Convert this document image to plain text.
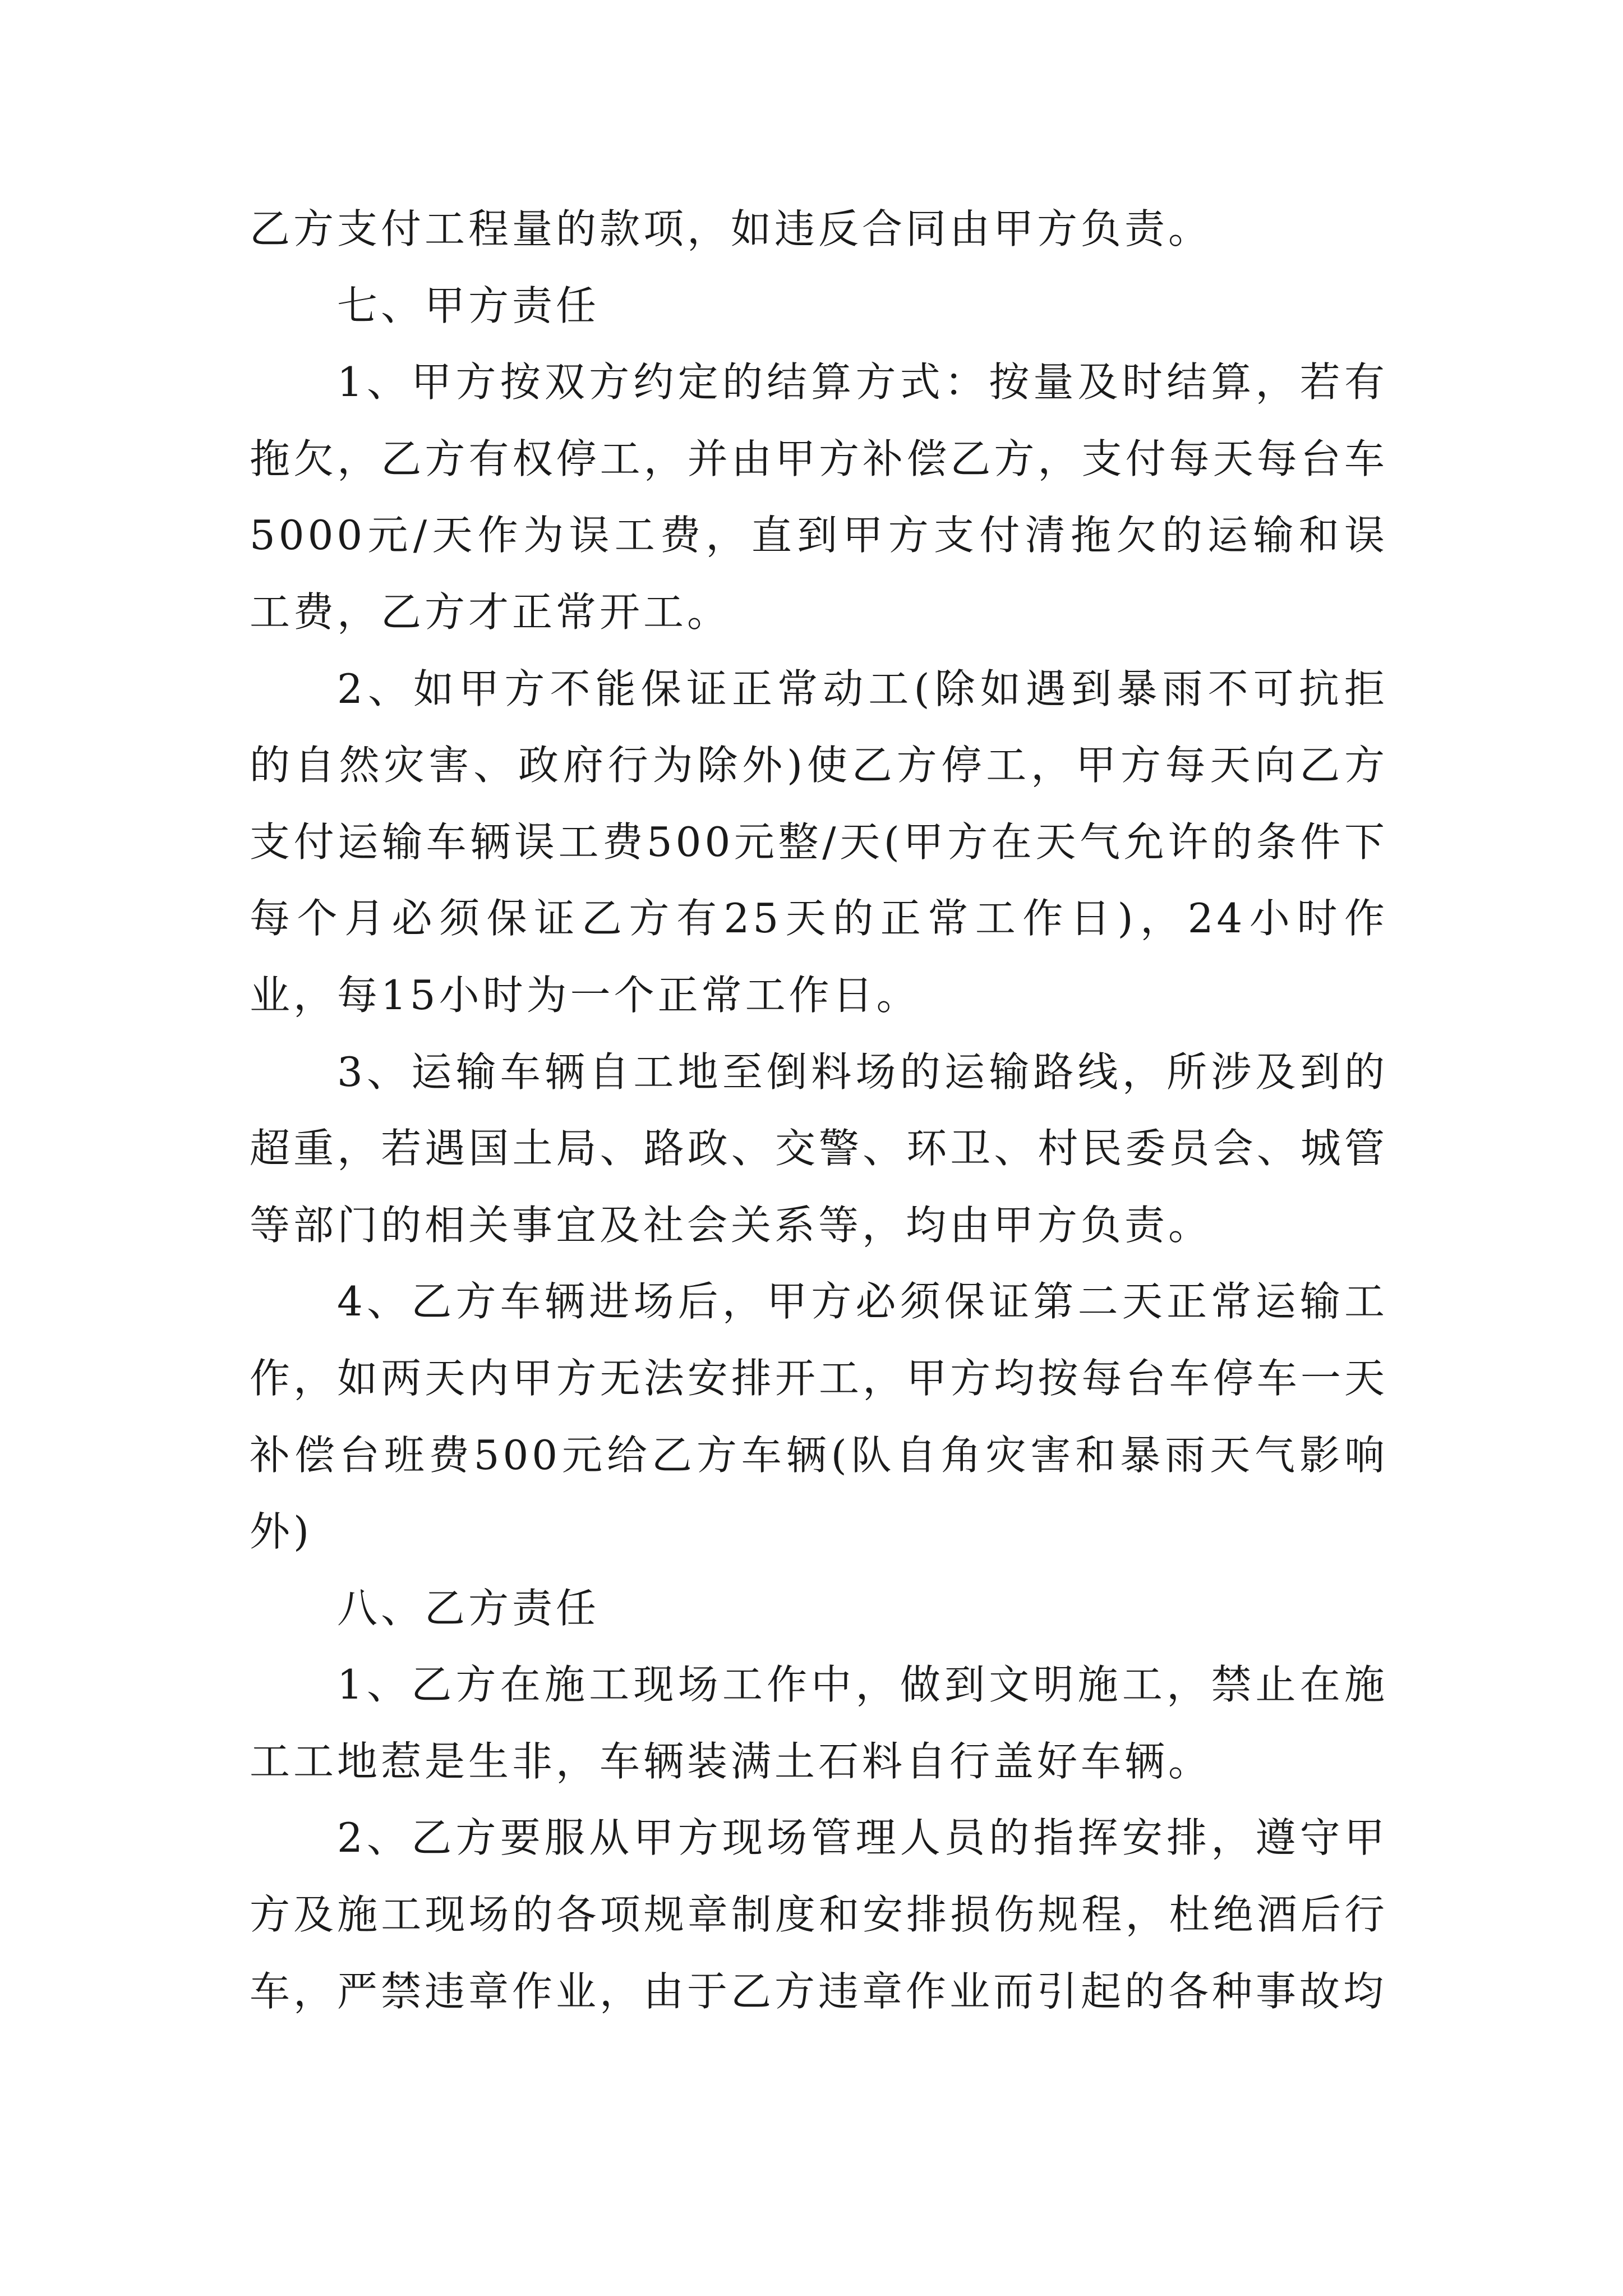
乙方支付工程量的款项，如违反合同由甲方负责。

七、甲方责任

1、甲方按双方约定的结算方式：按量及时结算，若有拖欠，乙方有权停工，并由甲方补偿乙方，支付每天每台车5000元/天作为误工费，直到甲方支付清拖欠的运输和误工费，乙方才正常开工。

2、如甲方不能保证正常动工(除如遇到暴雨不可抗拒的自然灾害、政府行为除外)使乙方停工，甲方每天向乙方支付运输车辆误工费500元整/天(甲方在天气允许的条件下每个月必须保证乙方有25天的正常工作日)，24小时作业，每15小时为一个正常工作日。

3、运输车辆自工地至倒料场的运输路线，所涉及到的超重，若遇国土局、路政、交警、环卫、村民委员会、城管等部门的相关事宜及社会关系等，均由甲方负责。

4、乙方车辆进场后，甲方必须保证第二天正常运输工作，如两天内甲方无法安排开工，甲方均按每台车停车一天补偿台班费500元给乙方车辆(队自角灾害和暴雨天气影响外)

八、乙方责任

1、乙方在施工现场工作中，做到文明施工，禁止在施工工地惹是生非，车辆装满土石料自行盖好车辆。

2、乙方要服从甲方现场管理人员的指挥安排，遵守甲方及施工现场的各项规章制度和安排损伤规程，杜绝酒后行车，严禁违章作业，由于乙方违章作业而引起的各种事故均
